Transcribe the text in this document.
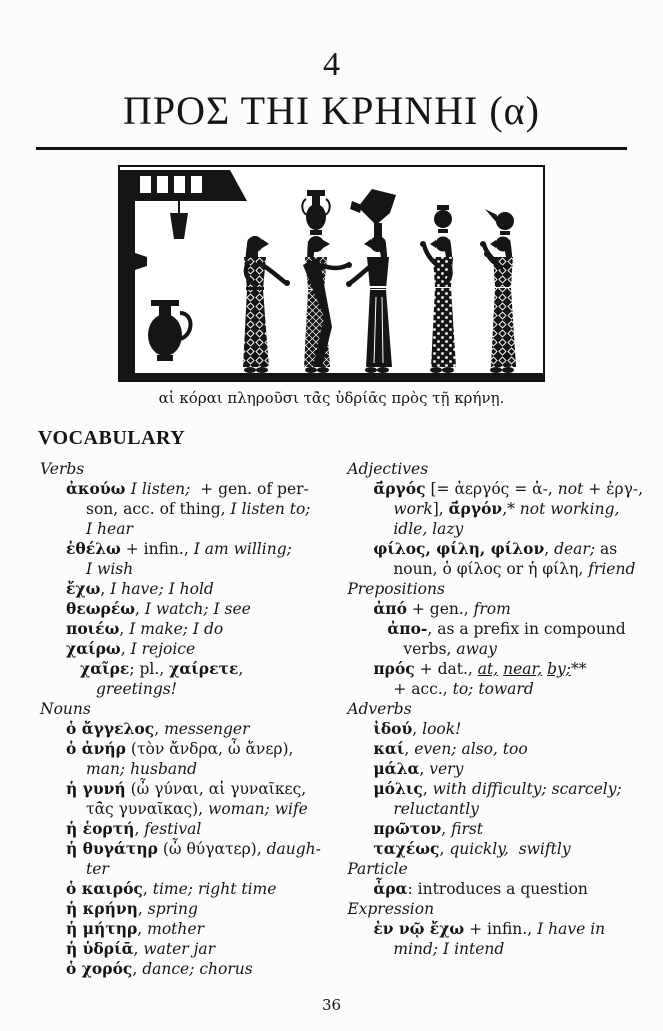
4
ΠΡΟΣ ΤΗΙ ΚΡΗΝΗΙ (α)
αἱ κόραι πληροῦσι τᾱ̀ς ὑδρίᾱς πρὸς τῇ κρήνῃ.
VOCABULARY
Verbs
ἀκούω I listen;  + gen. of per-
son, acc. of thing, I listen to;
I hear
ἐθέλω + infin., I am willing;
I wish
ἔχω, I have; I hold
θεωρέω, I watch; I see
ποιέω, I make; I do
χαίρω, I rejoice
χαῖρε; pl., χαίρετε,
greetings!
Nouns
ὁ ἄγγελος, messenger
ὁ ἀνήρ (τὸν ἄνδρα, ὦ ἄνερ),
man; husband
ἡ γυνή (ὦ γύναι, αἱ γυναῖκες,
τᾱ̀ς γυναῖκας), woman; wife
ἡ ἑορτή, festival
ἡ θυγάτηρ (ὦ θύγατερ), daugh-
ter
ὁ καιρός, time; right time
ἡ κρήνη, spring
ἡ μήτηρ, mother
ἡ ὑδρίᾱ, water jar
ὁ χορός, dance; chorus
Adjectives
ᾱ̓ργός [= ἀεργός = ἀ-, not + ἐργ-,
work], ᾱ̓ργόν,* not working,
idle, lazy
φίλος, φίλη, φίλον, dear; as
noun, ὁ φίλος or ἡ φίλη, friend
Prepositions
ἀπό + gen., from
ἀπο-, as a prefix in compound
verbs, away
πρός + dat., at, near, by;**
+ acc., to; toward
Adverbs
ἰδού, look!
καί, even; also, too
μάλα, very
μόλις, with difficulty; scarcely;
reluctantly
πρῶτον, first
ταχέως, quickly,  swiftly
Particle
ἆρα: introduces a question
Expression
ἐν νῷ ἔχω + infin., I have in
mind; I intend
36
